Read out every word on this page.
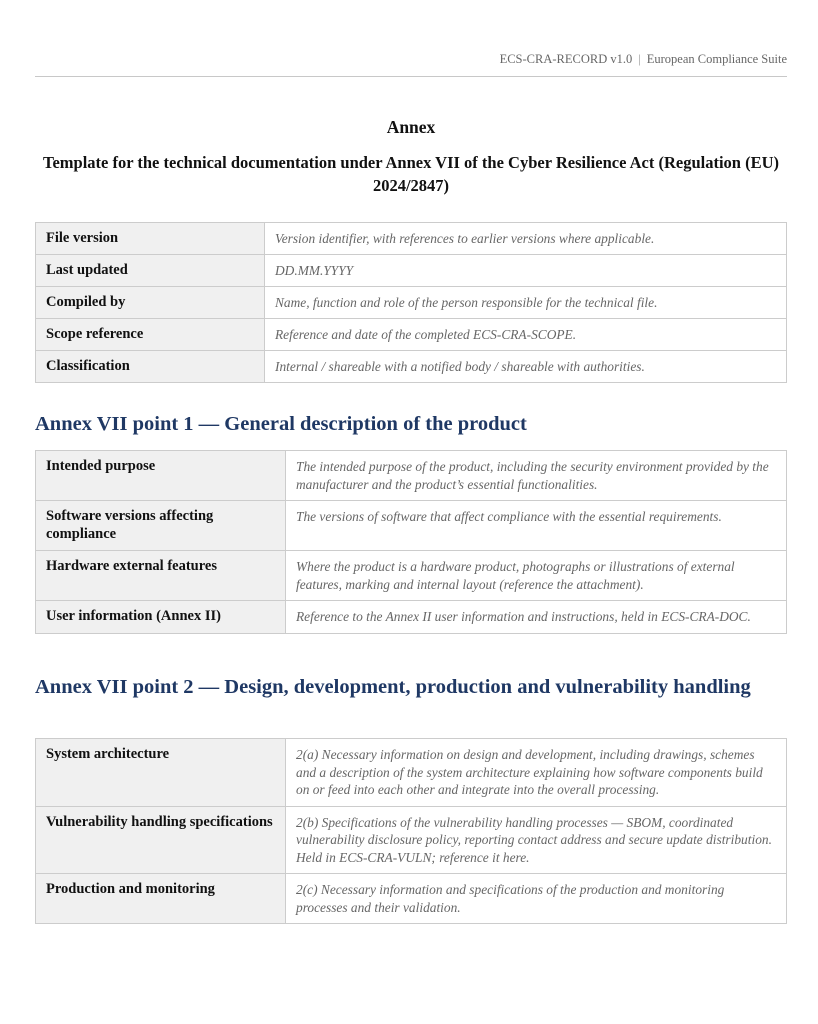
ECS-CRA-RECORD v1.0 | European Compliance Suite
Annex
Template for the technical documentation under Annex VII of the Cyber Resilience Act (Regulation (EU) 2024/2847)
File version	Version identifier, with references to earlier versions where applicable.
Last updated	DD.MM.YYYY
Compiled by	Name, function and role of the person responsible for the technical file.
Scope reference	Reference and date of the completed ECS-CRA-SCOPE.
Classification	Internal / shareable with a notified body / shareable with authorities.
Annex VII point 1 — General description of the product
Intended purpose	The intended purpose of the product, including the security environment provided by the manufacturer and the product’s essential functionalities.
Software versions affecting compliance	The versions of software that affect compliance with the essential requirements.
Hardware external features	Where the product is a hardware product, photographs or illustrations of external features, marking and internal layout (reference the attachment).
User information (Annex II)	Reference to the Annex II user information and instructions, held in ECS-CRA-DOC.
Annex VII point 2 — Design, development, production and vulnerability handling
System architecture	2(a) Necessary information on design and development, including drawings, schemes and a description of the system architecture explaining how software components build on or feed into each other and integrate into the overall processing.
Vulnerability handling specifications	2(b) Specifications of the vulnerability handling processes — SBOM, coordinated vulnerability disclosure policy, reporting contact address and secure update distribution. Held in ECS-CRA-VULN; reference it here.
Production and monitoring	2(c) Necessary information and specifications of the production and monitoring processes and their validation.
